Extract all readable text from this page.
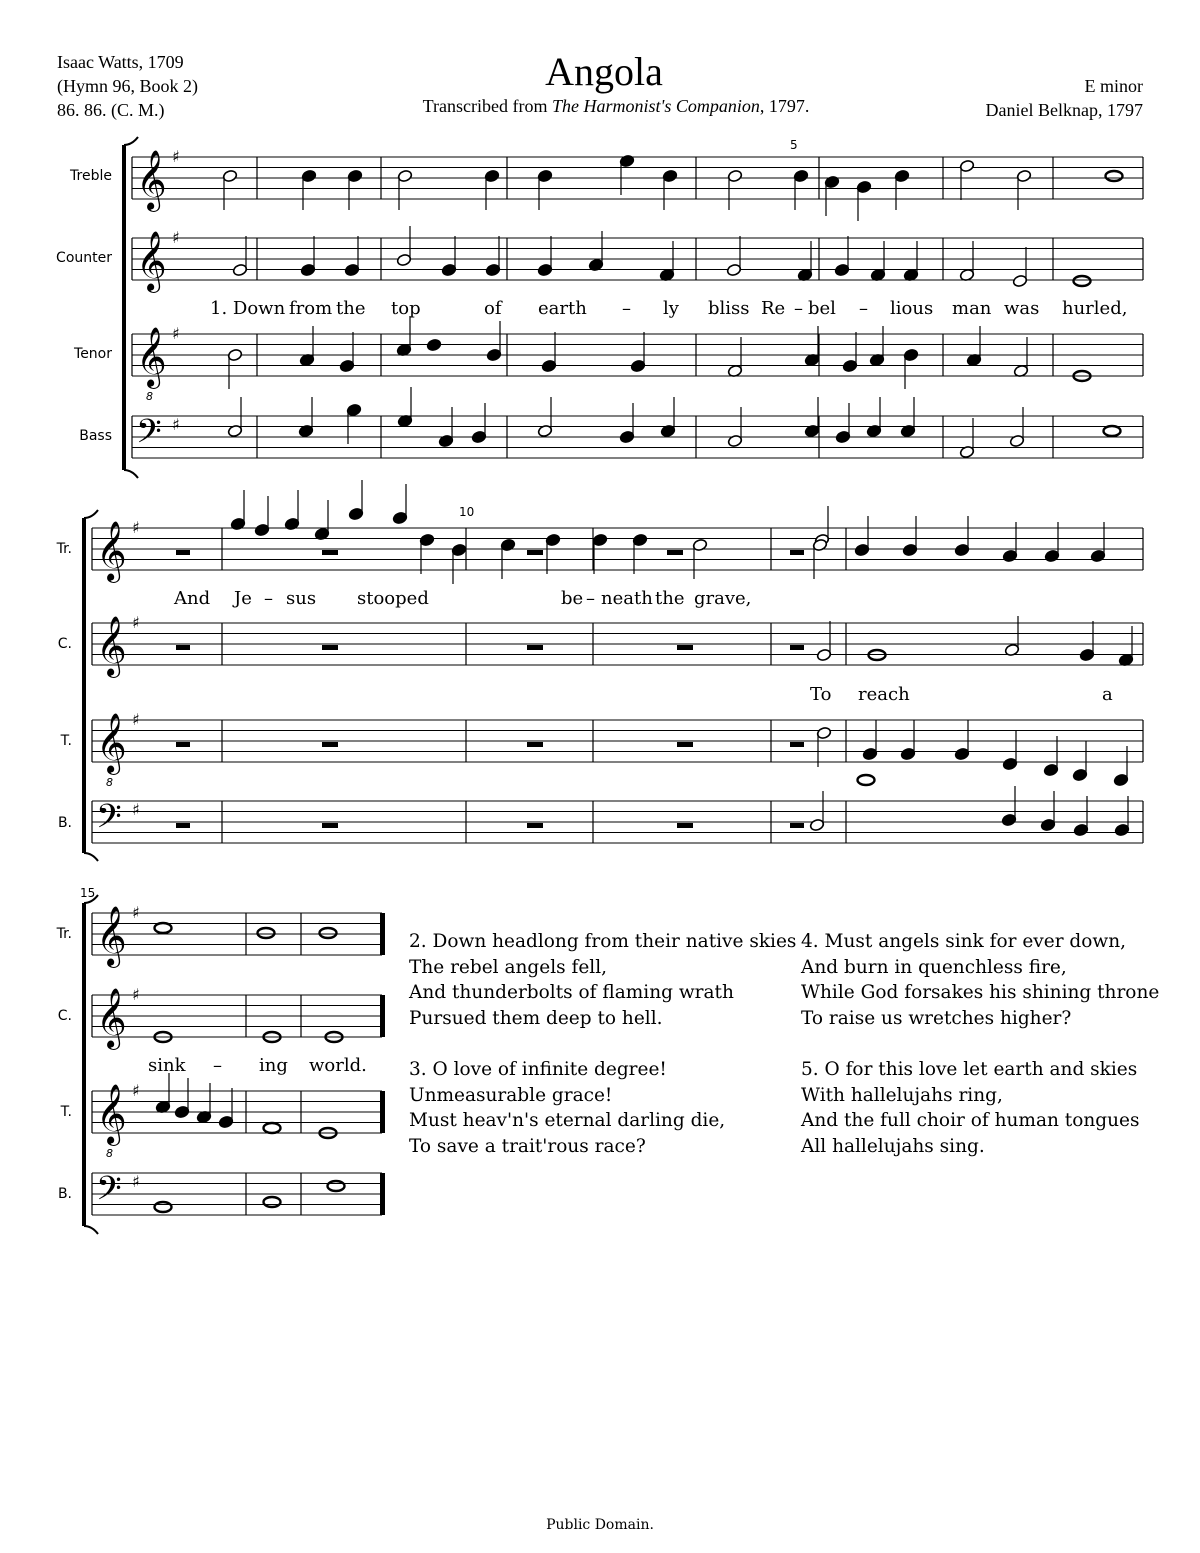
Isaac Watts, 1709
(Hymn 96, Book 2)
86. 86. (C. M.)
Angola
Transcribed from The Harmonist's Companion, 1797.
E minor
Daniel Belknap, 1797
Treble
Counter
Tenor
Bass
Tr.
C.
T.
B.
Tr.
C.
T.
B.
5
10
15
𝄞 ♯
𝄞 ♯
𝄞
8
♯
𝄢 ♯
𝄞 ♯
𝄞 ♯
𝄞
8
♯
𝄢 ♯
𝄞 ♯
𝄞 ♯
𝄞
8
♯
𝄢 ♯
1. Down from the top	of earth – ly bliss Re – bel – lious man was hurled,
And Je – sus stooped	be – neath the grave,
To reach	a
sink – ing world.
2. Down headlong from their native skies
The rebel angels fell,
And thunderbolts of flaming wrath
Pursued them deep to hell.
3. O love of infinite degree!
Unmeasurable grace!
Must heav'n's eternal darling die,
To save a trait'rous race?
4. Must angels sink for ever down,
And burn in quenchless fire,
While God forsakes his shining throne
To raise us wretches higher?
5. O for this love let earth and skies
With hallelujahs ring,
And the full choir of human tongues
All hallelujahs sing.
Public Domain.
